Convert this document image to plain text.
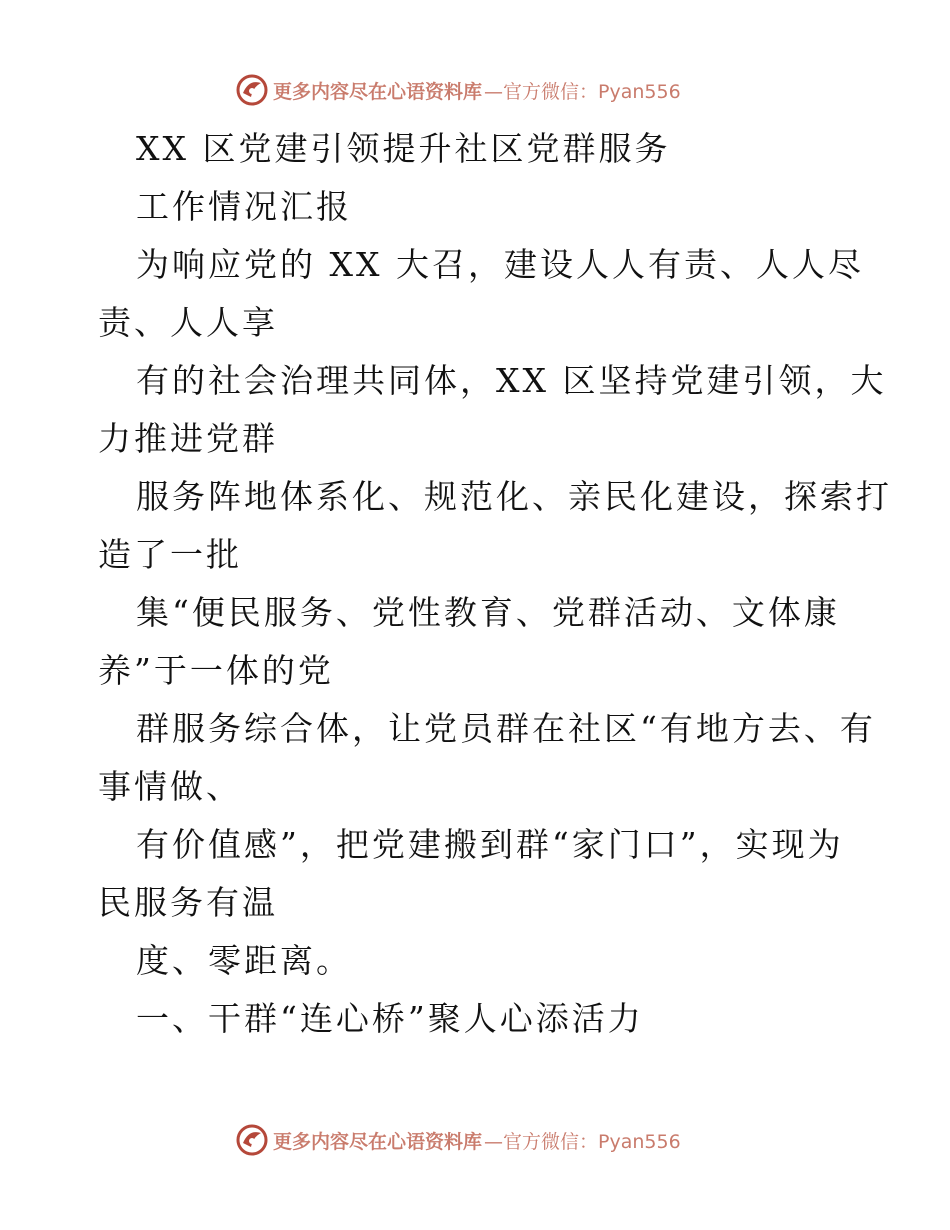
更多内容尽在心语资料库 —官方微信：Pyan556
XX 区党建引领提升社区党群服务
工作情况汇报
为响应党的 XX 大召，建设人人有责、人人尽
责、人人享
有的社会治理共同体，XX 区坚持党建引领，大
力推进党群
服务阵地体系化、规范化、亲民化建设，探索打
造了一批
集“便民服务、党性教育、党群活动、文体康
养”于一体的党
群服务综合体，让党员群在社区“有地方去、有
事情做、
有价值感”，把党建搬到群“家门口”，实现为
民服务有温
度、零距离。
一、干群“连心桥”聚人心添活力
更多内容尽在心语资料库 —官方微信：Pyan556
